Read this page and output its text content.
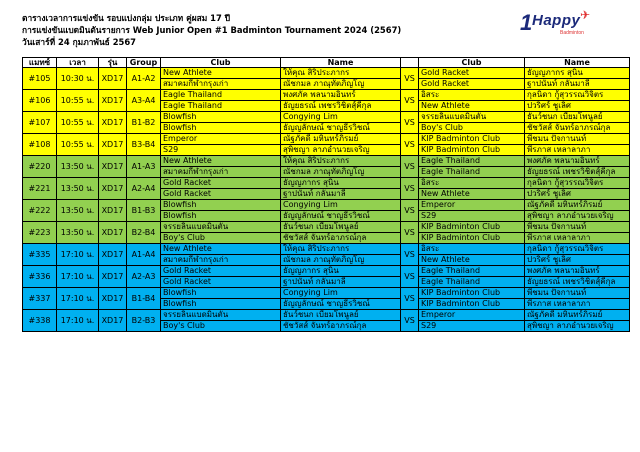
ตารางเวลาการแข่งขัน รอบแบ่งกลุ่ม ประเภท คู่ผสม 17 ปี
การแข่งขันแบดมินตันรายการ Web Junior Open #1 Badminton Tournament 2024 (2567)
วันเสาร์ที่ 24 กุมภาพันธ์ 2567
1 Happy ✈
Badminton
แมทซ์	เวลา	รุ่น	Group	Club	Name		Club	Name
#105	10:30 น.	XD17	A1-A2	New Athlete	ให้คุณ สิริประภากร	VS	Gold Racket	ธัญญภากร สุนิน
				สมาคมกีฬากรุงเก่า	ณัชกมล ภาณุทัตภิญโญ		Gold Racket	ฐาปนันท์ กลั่นมาลี
#106	10:55 น.	XD17	A3-A4	Eagle Thailand	พงศภัค พลนามอินทร์	VS	อิสระ	กุลนิดา กู้สุวรรณวิจิตร
				Eagle Thailand	ธัญยธรณ์ เพชรวิชิตสุ์คีกุล		New Athlete	ปวริศร์ ชูเลิศ
#107	10:55 น.	XD17	B1-B2	Blowfish	Congying Lim	VS	จรรยลินแบดมินตัน	ธันว์ชนก เบี้ยมโพนูลย์
				Blowfish	ธัญญลักษณ์ ชาญธีรวิชณ์		Boy's Club	ชัชวัสส์ จันทร์อาภรณ์กุล
#108	10:55 น.	XD17	B3-B4	Emperor	ณัฐภัคดี มหินทร์ภิรมย์	VS	KIP Badminton Club	พีชมน ปัจกานนท์
				S29	สุพิชญา ลาภอำนวยเจริญ		KIP Badminton Club	พีรภาส เหลาลาภา
#220	13:50 น.	XD17	A1-A3	New Athlete	ให้คุณ สิริประภากร	VS	Eagle Thailand	พงศภัค พลนามอินทร์
				สมาคมกีฬากรุงเก่า	ณัชกมล ภาณุทัตภิญโญ		Eagle Thailand	ธัญยธรณ์ เพชรวิชิตสุ์คีกุล
#221	13:50 น.	XD17	A2-A4	Gold Racket	ธัญญภากร สุนิน	VS	อิสระ	กุลนิดา กู้สุวรรณวิจิตร
				Gold Racket	ฐาปนันท์ กลั่นมาลี		New Athlete	ปวริศร์ ชูเลิศ
#222	13:50 น.	XD17	B1-B3	Blowfish	Congying Lim	VS	Emperor	ณัฐภัคดี มหินทร์ภิรมย์
				Blowfish	ธัญญลักษณ์ ชาญธีรวิชณ์		S29	สุพิชญา ลาภอำนวยเจริญ
#223	13:50 น.	XD17	B2-B4	จรรยลินแบดมินตัน	ธันว์ชนก เบี้ยมโพนูลย์	VS	KIP Badminton Club	พีชมน ปัจกานนท์
				Boy's Club	ชัชวัสส์ จันทร์อาภรณ์กุล		KIP Badminton Club	พีรภาส เหลาลาภา
#335	17:10 น.	XD17	A1-A4	New Athlete	ให้คุณ สิริประภากร	VS	อิสระ	กุลนิดา กู้สุวรรณวิจิตร
				สมาคมกีฬากรุงเก่า	ณัชกมล ภาณุทัตภิญโญ		New Athlete	ปวริศร์ ชูเลิศ
#336	17:10 น.	XD17	A2-A3	Gold Racket	ธัญญภากร สุนิน	VS	Eagle Thailand	พงศภัค พลนามอินทร์
				Gold Racket	ฐาปนันท์ กลั่นมาลี		Eagle Thailand	ธัญยธรณ์ เพชรวิชิตสุ์คีกุล
#337	17:10 น.	XD17	B1-B4	Blowfish	Congying Lim	VS	KIP Badminton Club	พีชมน ปัจกานนท์
				Blowfish	ธัญญลักษณ์ ชาญธีรวิชณ์		KIP Badminton Club	พีรภาส เหลาลาภา
#338	17:10 น.	XD17	B2-B3	จรรยลินแบดมินตัน	ธันว์ชนก เบี้ยมโพนูลย์	VS	Emperor	ณัฐภัคดี มหินทร์ภิรมย์
				Boy's Club	ชัชวัสส์ จันทร์อาภรณ์กุล		S29	สุพิชญา ลาภอำนวยเจริญ
